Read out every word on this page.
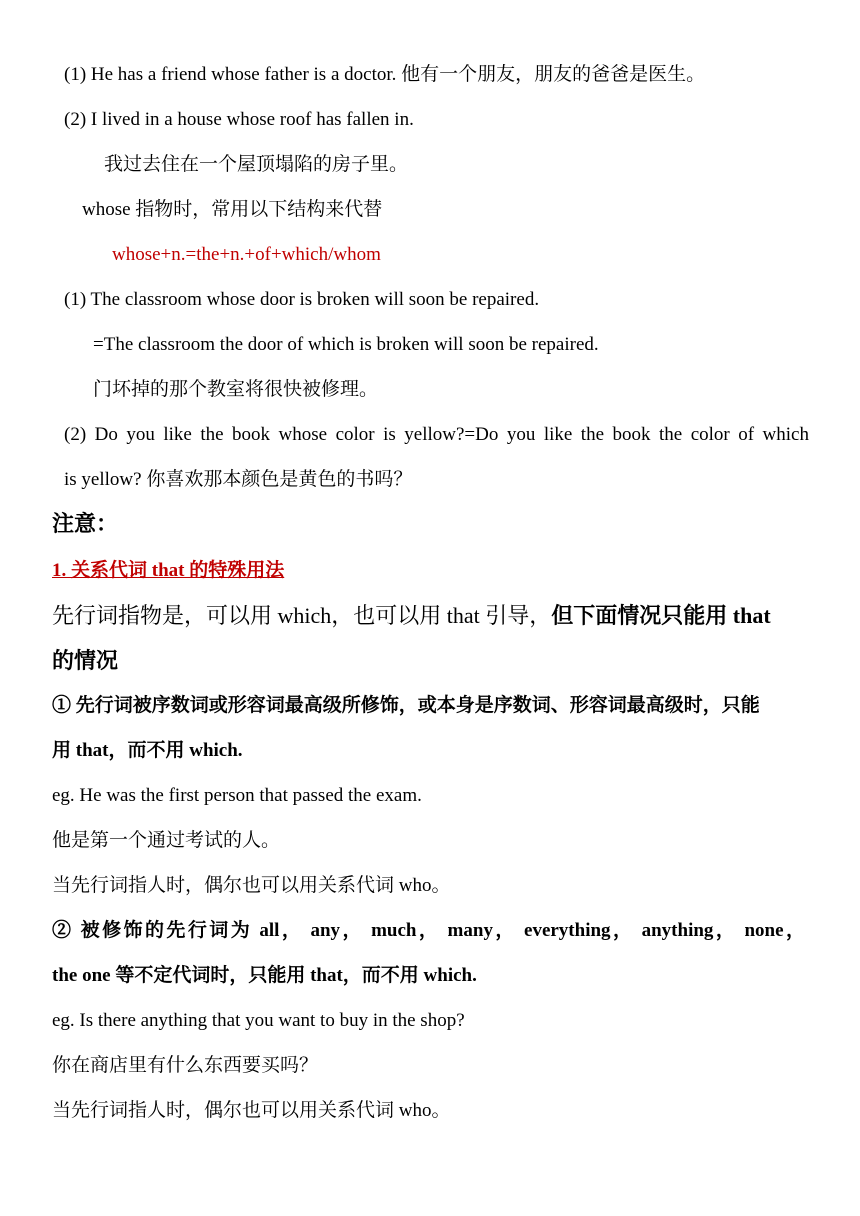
(1) He has a friend whose father is a doctor. 他有一个朋友，朋友的爸爸是医生。
(2) I lived in a house whose roof has fallen in.
我过去住在一个屋顶塌陷的房子里。
whose 指物时，常用以下结构来代替
whose+n.=the+n.+of+which/whom
(1) The classroom whose door is broken will soon be repaired.
=The classroom the door of which is broken will soon be repaired.
门坏掉的那个教室将很快被修理。
(2) Do you like the book whose color is yellow?=Do you like the book the color of which
is yellow? 你喜欢那本颜色是黄色的书吗？
注意：
1. 关系代词 that 的特殊用法
先行词指物是，可以用 which，也可以用 that 引导，但下面情况只能用 that
的情况
① 先行词被序数词或形容词最高级所修饰，或本身是序数词、形容词最高级时，只能
用 that，而不用 which.
eg. He was the first person that passed the exam.
他是第一个通过考试的人。
当先行词指人时，偶尔也可以用关系代词 who。
② 被修饰的先行词为 all， any， much， many， everything， anything， none，
the one 等不定代词时，只能用 that，而不用 which.
eg. Is there anything that you want to buy in the shop?
你在商店里有什么东西要买吗？
当先行词指人时，偶尔也可以用关系代词 who。
